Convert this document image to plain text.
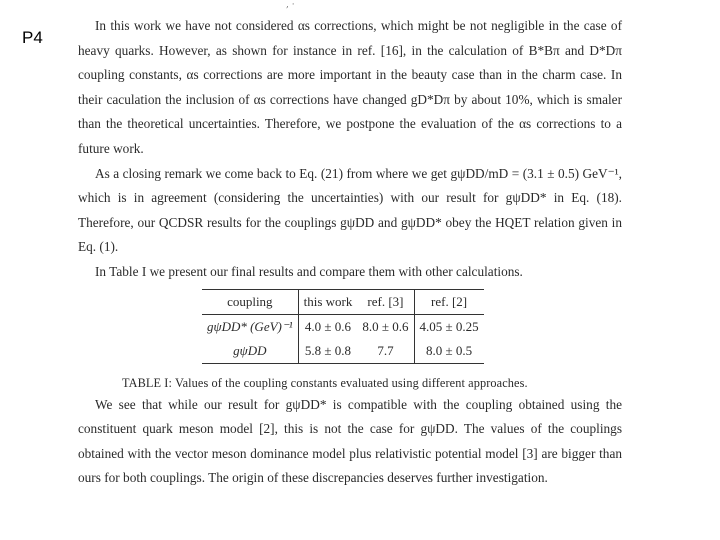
P4
, ·

In this work we have not considered αs corrections, which might be not negligible in the case of heavy quarks. However, as shown for instance in ref. [16], in the calculation of B*Bπ and D*Dπ coupling constants, αs corrections are more important in the beauty case than in the charm case. In their caculation the inclusion of αs corrections have changed gD*Dπ by about 10%, which is smaler than the theoretical uncertainties. Therefore, we postpone the evaluation of the αs corrections to a future work.

As a closing remark we come back to Eq. (21) from where we get gψDD/mD = (3.1 ± 0.5) GeV⁻¹, which is in agreement (considering the uncertainties) with our result for gψDD* in Eq. (18). Therefore, our QCDSR results for the couplings gψDD and gψDD* obey the HQET relation given in Eq. (1).

In Table I we present our final results and compare them with other calculations.

coupling	this work	ref. [3]	ref. [2]
gψDD* (GeV)⁻¹	4.0 ± 0.6	8.0 ± 0.6	4.05 ± 0.25
gψDD	5.8 ± 0.8	7.7	8.0 ± 0.5
TABLE I: Values of the coupling constants evaluated using different approaches.

We see that while our result for gψDD* is compatible with the coupling obtained using the constituent quark meson model [2], this is not the case for gψDD. The values of the couplings obtained with the vector meson dominance model plus relativistic potential model [3] are bigger than ours for both couplings. The origin of these discrepancies deserves further investigation.
